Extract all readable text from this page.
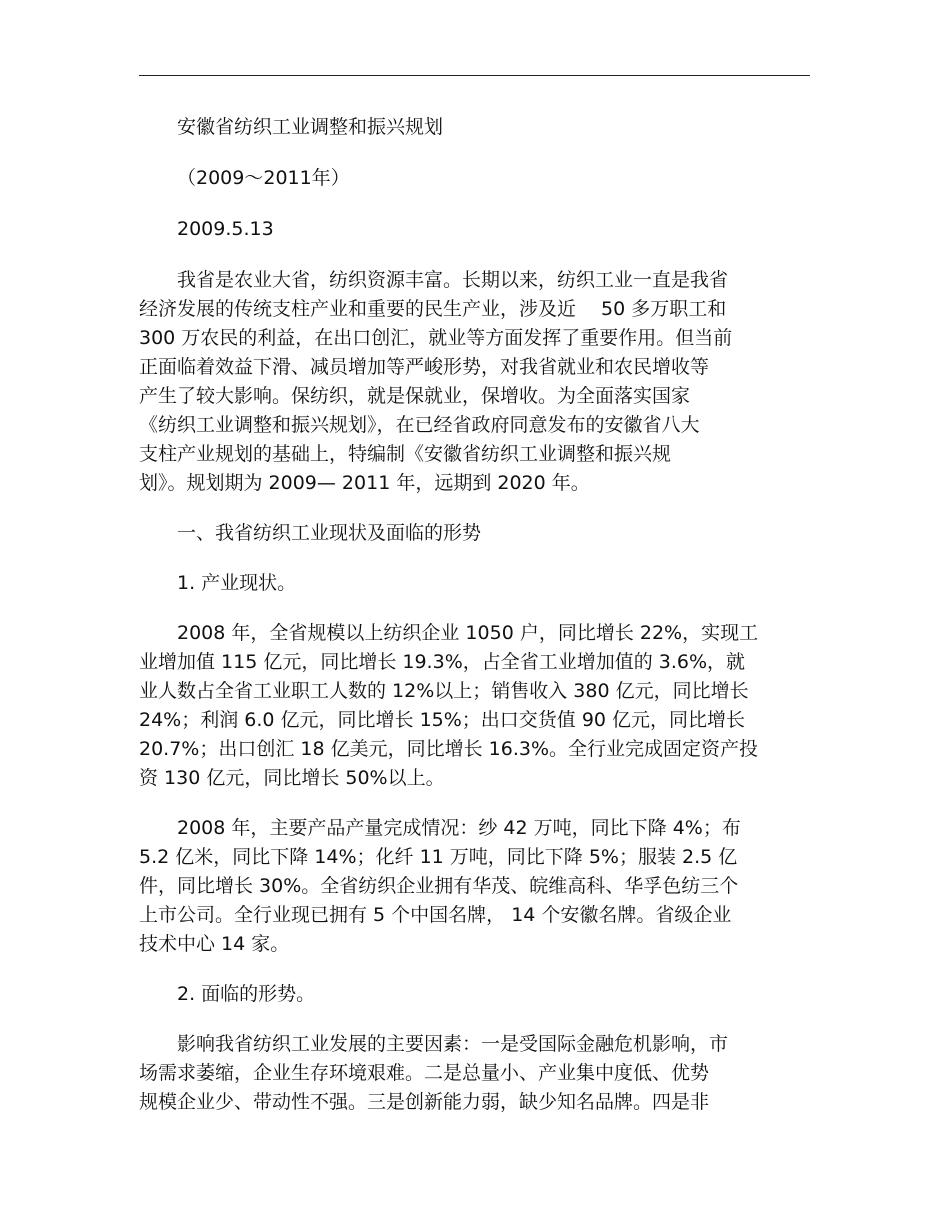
安徽省纺织工业调整和振兴规划

（2009～2011年）

2009.5.13

我省是农业大省，纺织资源丰富。长期以来，纺织工业一直是我省
经济发展的传统支柱产业和重要的民生产业，涉及近　 50 多万职工和
300 万农民的利益，在出口创汇，就业等方面发挥了重要作用。但当前
正面临着效益下滑、减员增加等严峻形势，对我省就业和农民增收等
产生了较大影响。保纺织，就是保就业，保增收。为全面落实国家
《纺织工业调整和振兴规划》，在已经省政府同意发布的安徽省八大
支柱产业规划的基础上，特编制《安徽省纺织工业调整和振兴规
划》。规划期为 2009— 2011 年，远期到 2020 年。

一、我省纺织工业现状及面临的形势

1. 产业现状。

2008 年，全省规模以上纺织企业 1050 户，同比增长 22%，实现工
业增加值 115 亿元，同比增长 19.3%，占全省工业增加值的 3.6%，就
业人数占全省工业职工人数的 12%以上；销售收入 380 亿元，同比增长
24%；利润 6.0 亿元，同比增长 15%；出口交货值 90 亿元，同比增长
20.7%；出口创汇 18 亿美元，同比增长 16.3%。全行业完成固定资产投
资 130 亿元，同比增长 50%以上。
2008 年，主要产品产量完成情况：纱 42 万吨，同比下降 4%；布
5.2 亿米，同比下降 14%；化纤 11 万吨，同比下降 5%；服装 2.5 亿
件，同比增长 30%。全省纺织企业拥有华茂、皖维高科、华孚色纺三个
上市公司。全行业现已拥有 5 个中国名牌， 14 个安徽名牌。省级企业
技术中心 14 家。

2. 面临的形势。

影响我省纺织工业发展的主要因素：一是受国际金融危机影响，市
场需求萎缩，企业生存环境艰难。二是总量小、产业集中度低、优势
规模企业少、带动性不强。三是创新能力弱，缺少知名品牌。四是非
